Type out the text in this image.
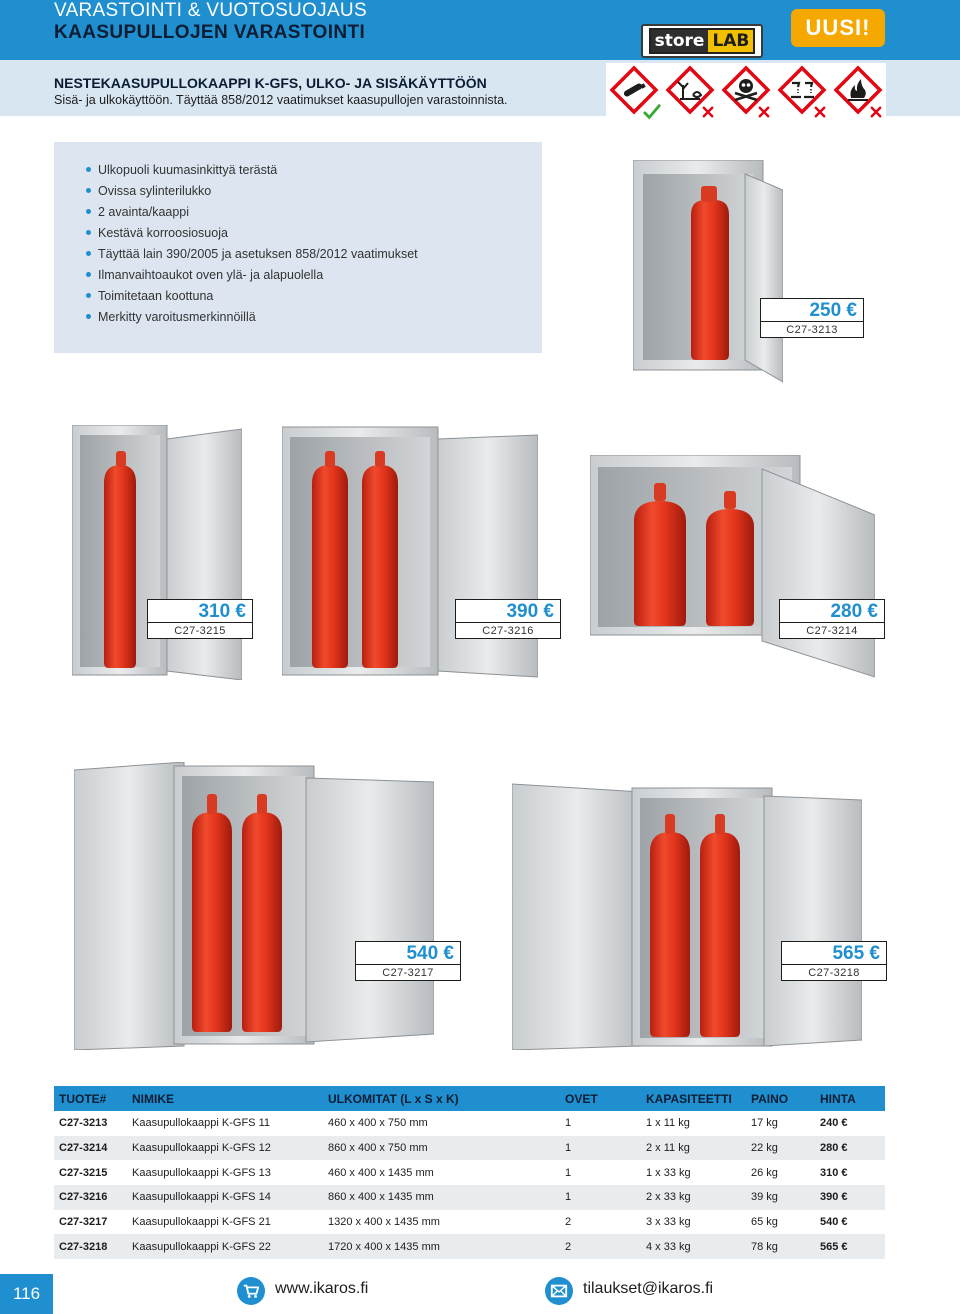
VARASTOINTI & VUOTOSUOJAUS
KAASUPULLOJEN VARASTOINTI	store LAB
UUSI!
NESTEKAASUPULLOKAAPPI K-GFS, ULKO- JA SISÄKÄYTTÖÖN
Sisä- ja ulkokäyttöön. Täyttää 858/2012 vaatimukset kaasupullojen varastoinnista.
Ulkopuoli kuumasinkittyä terästä
Ovissa sylinterilukko
2 avainta/kaappi
Kestävä korroosiosuoja
Täyttää lain 390/2005 ja asetuksen 858/2012 vaatimukset
Ilmanvaihtoaukot oven ylä- ja alapuolella
Toimitetaan koottuna
Merkitty varoitusmerkinnöillä	250 €
C27-3213
310 €
C27-3215
390 €
C27-3216
280 €
C27-3214
540 €
C27-3217
565 €
C27-3218
TUOTE#	NIMIKE	ULKOMITAT (L x S x K)	OVET	KAPASITEETTI	PAINO	HINTA
C27-3213	Kaasupullokaappi K-GFS 11	460 x 400 x 750 mm	1	1 x 11 kg	17 kg	240 €
C27-3214	Kaasupullokaappi K-GFS 12	860 x 400 x 750 mm	1	2 x 11 kg	22 kg	280 €
C27-3215	Kaasupullokaappi K-GFS 13	460 x 400 x 1435 mm	1	1 x 33 kg	26 kg	310 €
C27-3216	Kaasupullokaappi K-GFS 14	860 x 400 x 1435 mm	1	2 x 33 kg	39 kg	390 €
C27-3217	Kaasupullokaappi K-GFS 21	1320 x 400 x 1435 mm	2	3 x 33 kg	65 kg	540 €
C27-3218	Kaasupullokaappi K-GFS 22	1720 x 400 x 1435 mm	2	4 x 33 kg	78 kg	565 €
116	www.ikaros.fi	tilaukset@ikaros.fi
